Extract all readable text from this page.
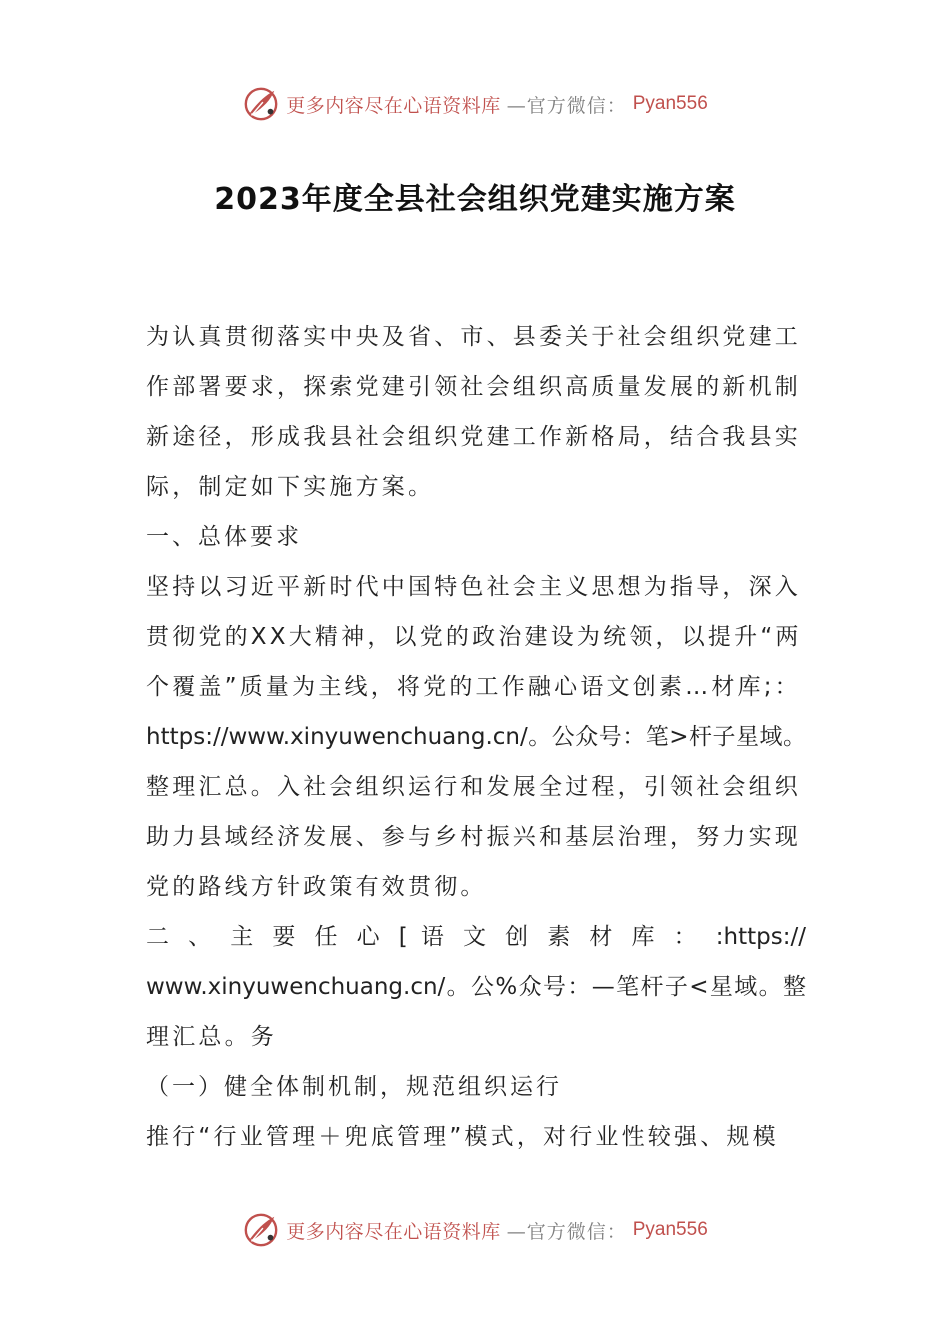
更多内容尽在心语资料库 —官方微信： Pyan556
2023年度全县社会组织党建实施方案
为认真贯彻落实中央及省、市、县委关于社会组织党建工
作部署要求，探索党建引领社会组织高质量发展的新机制
新途径，形成我县社会组织党建工作新格局，结合我县实
际，制定如下实施方案。
一、总体要求
坚持以习近平新时代中国特色社会主义思想为指导，深入
贯彻党的XX大精神，以党的政治建设为统领，以提升“两
个覆盖”质量为主线，将党的工作融心语文创素…材库;：
https://www.xinyuwenchuang.cn/。公众号：笔>杆子星域。
整理汇总。入社会组织运行和发展全过程，引领社会组织
助力县域经济发展、参与乡村振兴和基层治理，努力实现
党的路线方针政策有效贯彻。
二 、 主 要 任 心 [ 语 文 创 素 材 库 ： :https://
www.xinyuwenchuang.cn/。公%众号：—笔杆子<星域。整
理汇总。务
（一）健全体制机制，规范组织运行
推行“行业管理＋兜底管理”模式，对行业性较强、规模
更多内容尽在心语资料库 —官方微信： Pyan556
